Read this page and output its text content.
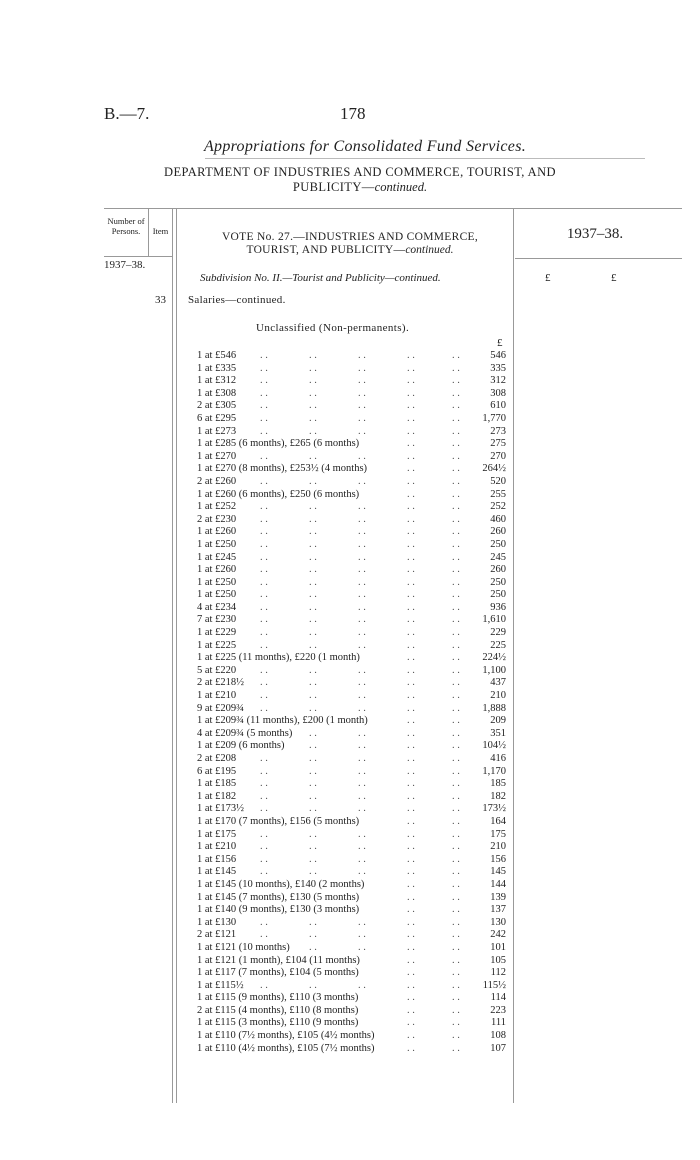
B.—7.	178
Appropriations for Consolidated Fund Services.
DEPARTMENT OF INDUSTRIES AND COMMERCE, TOURIST, AND
PUBLICITY—continued.
Number of Persons.	Item
1937–38.
VOTE No. 27.—INDUSTRIES AND COMMERCE,
TOURIST, AND PUBLICITY—continued.
1937–38.
Subdivision No. II.—Tourist and Publicity—continued.	£	£
33 Salaries—continued.
Unclassified (Non-permanents).
£
1 at £546 . .	. .	. .	. .	. .	546
1 at £335 . .	. .	. .	. .	. .	335
1 at £312 . .	. .	. .	. .	. .	312
1 at £308 . .	. .	. .	. .	. .	308
2 at £305 . .	. .	. .	. .	. .	610
6 at £295 . .	. .	. .	. .	. . 1,770
1 at £273 . .	. .	. .	. .	. .	273
1 at £285 (6 months), £265 (6 months)	. .	. .	275
1 at £270 . .	. .	. .	. .	. .	270
1 at £270 (8 months), £253½ (4 months)	. .	. . 264½
2 at £260 . .	. .	. .	. .	. .	520
1 at £260 (6 months), £250 (6 months)	. .	. .	255
1 at £252 . .	. .	. .	. .	. .	252
2 at £230 . .	. .	. .	. .	. .	460
1 at £260 . .	. .	. .	. .	. .	260
1 at £250 . .	. .	. .	. .	. .	250
1 at £245 . .	. .	. .	. .	. .	245
1 at £260 . .	. .	. .	. .	. .	260
1 at £250 . .	. .	. .	. .	. .	250
1 at £250 . .	. .	. .	. .	. .	250
4 at £234 . .	. .	. .	. .	. .	936
7 at £230 . .	. .	. .	. .	. . 1,610
1 at £229 . .	. .	. .	. .	. .	229
1 at £225 . .	. .	. .	. .	. .	225
1 at £225 (11 months), £220 (1 month)	. .	. . 224½
5 at £220 . .	. .	. .	. .	. . 1,100
2 at £218½ . .	. .	. .	. .	. .	437
1 at £210 . .	. .	. .	. .	. .	210
9 at £209¾ . .	. .	. .	. .	. . 1,888
1 at £209¾ (11 months), £200 (1 month)	. .	. .	209
4 at £209¾ (5 months) . .	. .	. .	. .	351
1 at £209 (6 months) . .	. .	. .	. . 104½
2 at £208 . .	. .	. .	. .	. .	416
6 at £195 . .	. .	. .	. .	. . 1,170
1 at £185 . .	. .	. .	. .	. .	185
1 at £182 . .	. .	. .	. .	. .	182
1 at £173½ . .	. .	. .	. .	. . 173½
1 at £170 (7 months), £156 (5 months)	. .	. .	164
1 at £175 . .	. .	. .	. .	. .	175
1 at £210 . .	. .	. .	. .	. .	210
1 at £156 . .	. .	. .	. .	. .	156
1 at £145 . .	. .	. .	. .	. .	145
1 at £145 (10 months), £140 (2 months)	. .	. .	144
1 at £145 (7 months), £130 (5 months)	. .	. .	139
1 at £140 (9 months), £130 (3 months)	. .	. .	137
1 at £130 . .	. .	. .	. .	. .	130
2 at £121 . .	. .	. .	. .	. .	242
1 at £121 (10 months) . .	. .	. .	. .	101
1 at £121 (1 month), £104 (11 months)	. .	. .	105
1 at £117 (7 months), £104 (5 months)	. .	. .	112
1 at £115½ . .	. .	. .	. .	. . 115½
1 at £115 (9 months), £110 (3 months)	. .	. .	114
2 at £115 (4 months), £110 (8 months)	. .	. .	223
1 at £115 (3 months), £110 (9 months)	. .	. .	111
1 at £110 (7½ months), £105 (4½ months)	. .	. .	108
1 at £110 (4½ months), £105 (7½ months)	. .	. .	107
